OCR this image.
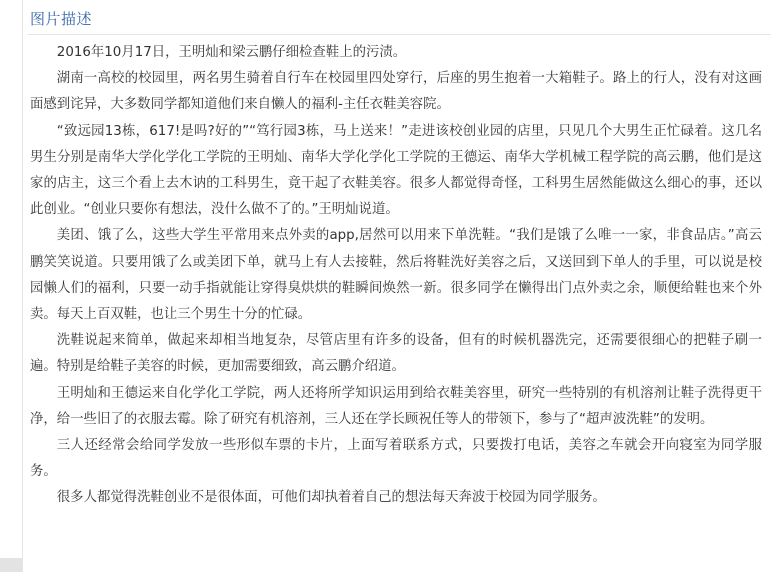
图片描述

2016年10月17日，王明灿和梁云鹏仔细检查鞋上的污渍。

湖南一高校的校园里，两名男生骑着自行车在校园里四处穿行，后座的男生抱着一大箱鞋子。路上的行人，没有对这画面感到诧异，大多数同学都知道他们来自懒人的福利-主任衣鞋美容院。

“致远园13栋，617!是吗?好的”“笃行园3栋，马上送来！”走进该校创业园的店里，只见几个大男生正忙碌着。这几名男生分别是南华大学化学化工学院的王明灿、南华大学化学化工学院的王德运、南华大学机械工程学院的高云鹏，他们是这家的店主，这三个看上去木讷的工科男生，竟干起了衣鞋美容。很多人都觉得奇怪，工科男生居然能做这么细心的事，还以此创业。“创业只要你有想法，没什么做不了的。”王明灿说道。

美团、饿了么，这些大学生平常用来点外卖的app,居然可以用来下单洗鞋。“我们是饿了么唯一一家，非食品店。”高云鹏笑笑说道。只要用饿了么或美团下单，就马上有人去接鞋，然后将鞋洗好美容之后，又送回到下单人的手里，可以说是校园懒人们的福利，只要一动手指就能让穿得臭烘烘的鞋瞬间焕然一新。很多同学在懒得出门点外卖之余，顺便给鞋也来个外卖。每天上百双鞋，也让三个男生十分的忙碌。

洗鞋说起来简单，做起来却相当地复杂，尽管店里有许多的设备，但有的时候机器洗完，还需要很细心的把鞋子刷一遍。特别是给鞋子美容的时候，更加需要细致，高云鹏介绍道。

王明灿和王德运来自化学化工学院，两人还将所学知识运用到给衣鞋美容里，研究一些特别的有机溶剂让鞋子洗得更干净，给一些旧了的衣服去霉。除了研究有机溶剂，三人还在学长顾祝任等人的带领下，参与了“超声波洗鞋”的发明。

三人还经常会给同学发放一些形似车票的卡片，上面写着联系方式，只要拨打电话，美容之车就会开向寝室为同学服务。

很多人都觉得洗鞋创业不是很体面，可他们却执着着自己的想法每天奔波于校园为同学服务。
